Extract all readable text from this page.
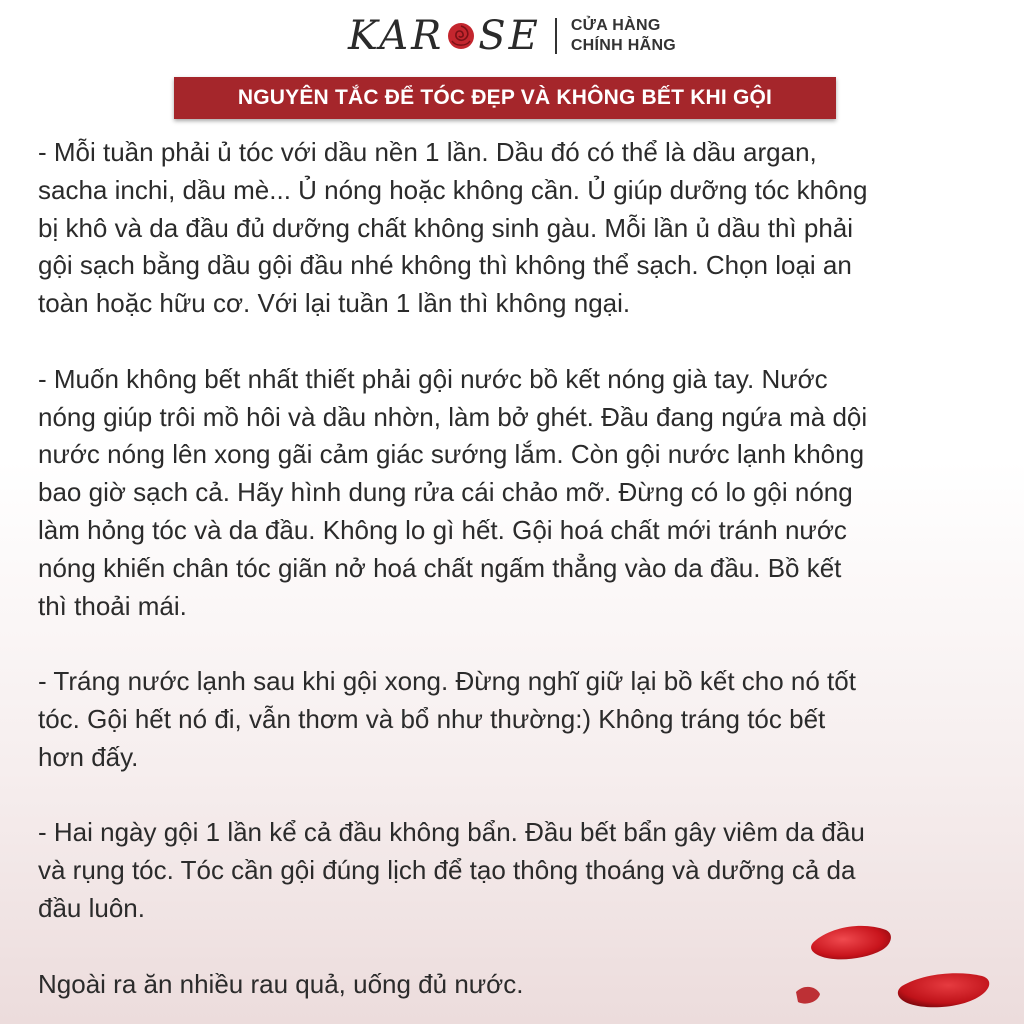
KAR SE CỬA HÀNG
CHÍNH HÃNG
NGUYÊN TẮC ĐỂ TÓC ĐẸP VÀ KHÔNG BẾT KHI GỘI
- Mỗi tuần phải ủ tóc với dầu nền 1 lần. Dầu đó có thể là dầu argan,
sacha inchi, dầu mè... Ủ nóng hoặc không cần. Ủ giúp dưỡng tóc không
bị khô và da đầu đủ dưỡng chất không sinh gàu. Mỗi lần ủ dầu thì phải
gội sạch bằng dầu gội đầu nhé không thì không thể sạch. Chọn loại an
toàn hoặc hữu cơ. Với lại tuần 1 lần thì không ngại.
- Muốn không bết nhất thiết phải gội nước bồ kết nóng già tay. Nước
nóng giúp trôi mồ hôi và dầu nhờn, làm bở ghét. Đầu đang ngứa mà dội
nước nóng lên xong gãi cảm giác sướng lắm. Còn gội nước lạnh không
bao giờ sạch cả. Hãy hình dung rửa cái chảo mỡ. Đừng có lo gội nóng
làm hỏng tóc và da đầu. Không lo gì hết. Gội hoá chất mới tránh nước
nóng khiến chân tóc giãn nở hoá chất ngấm thẳng vào da đầu. Bồ kết
thì thoải mái.
- Tráng nước lạnh sau khi gội xong. Đừng nghĩ giữ lại bồ kết cho nó tốt
tóc. Gội hết nó đi, vẫn thơm và bổ như thường:) Không tráng tóc bết
hơn đấy.
- Hai ngày gội 1 lần kể cả đầu không bẩn. Đầu bết bẩn gây viêm da đầu
và rụng tóc. Tóc cần gội đúng lịch để tạo thông thoáng và dưỡng cả da
đầu luôn.
Ngoài ra ăn nhiều rau quả, uống đủ nước.
